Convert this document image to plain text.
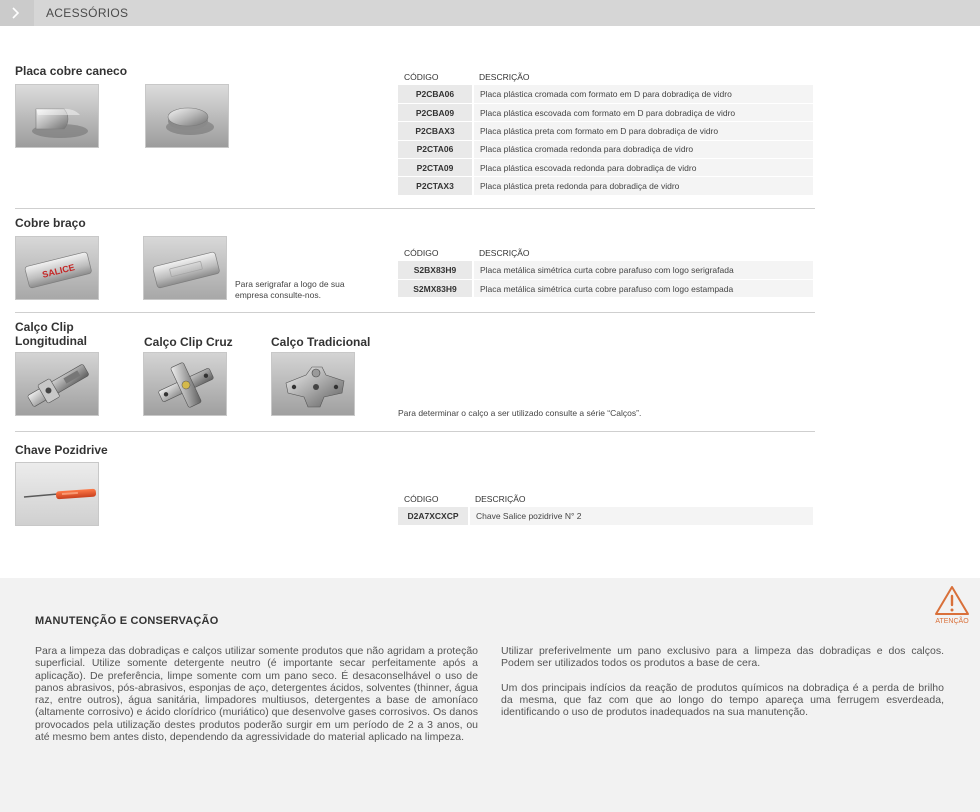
ACESSÓRIOS
Placa cobre caneco	CÓDIGO	DESCRIÇÃO
P2CBA06	Placa plástica cromada com formato em D para dobradiça de vidro
P2CBA09	Placa plástica escovada com formato em D para dobradiça de vidro
P2CBAX3	Placa plástica preta com formato em D para dobradiça de vidro
P2CTA06	Placa plástica cromada redonda para dobradiça de vidro
P2CTA09	Placa plástica escovada redonda para dobradiça de vidro
P2CTAX3	Placa plástica preta redonda para dobradiça de vidro
Cobre braço
SALICE
Para serigrafar a logo de sua empresa consulte-nos.
CÓDIGO	DESCRIÇÃO
S2BX83H9	Placa metálica simétrica curta cobre parafuso com logo serigrafada
S2MX83H9	Placa metálica simétrica curta cobre parafuso com logo estampada
Calço Clip Longitudinal	Calço Clip Cruz	Calço Tradicional
Para determinar o calço a ser utilizado consulte a série “Calços”.
Chave Pozidrive
CÓDIGO	DESCRIÇÃO
D2A7XCXCP	Chave Salice pozidrive N° 2
ATENÇÃO
MANUTENÇÃO E CONSERVAÇÃO

Para a limpeza das dobradiças e calços utilizar somente produtos que não agridam a proteção superficial. Utilize somente detergente neutro (é importante secar perfeitamente após a aplicação). De preferência, limpe somente com um pano seco. É desaconselhável o uso de panos abrasivos, pós-abrasivos, esponjas de aço, detergentes ácidos, solventes (thinner, água raz, entre outros), água sanitária, limpadores multiusos, detergentes a base de amoníaco (altamente corrosivo) e ácido clorídrico (muriático) que desenvolve gases corrosivos. Os danos provocados pela utilização destes produtos poderão surgir em um período de 2 a 3 anos, ou até mesmo bem antes disto, dependendo da agressividade do material aplicado na limpeza.

Utilizar preferivelmente um pano exclusivo para a limpeza das dobradiças e dos calços. Podem ser utilizados todos os produtos a base de cera.

Um dos principais indícios da reação de produtos químicos na dobradiça é a perda de brilho da mesma, que faz com que ao longo do tempo apareça uma ferrugem esverdeada, identificando o uso de produtos inadequados na sua manutenção.
